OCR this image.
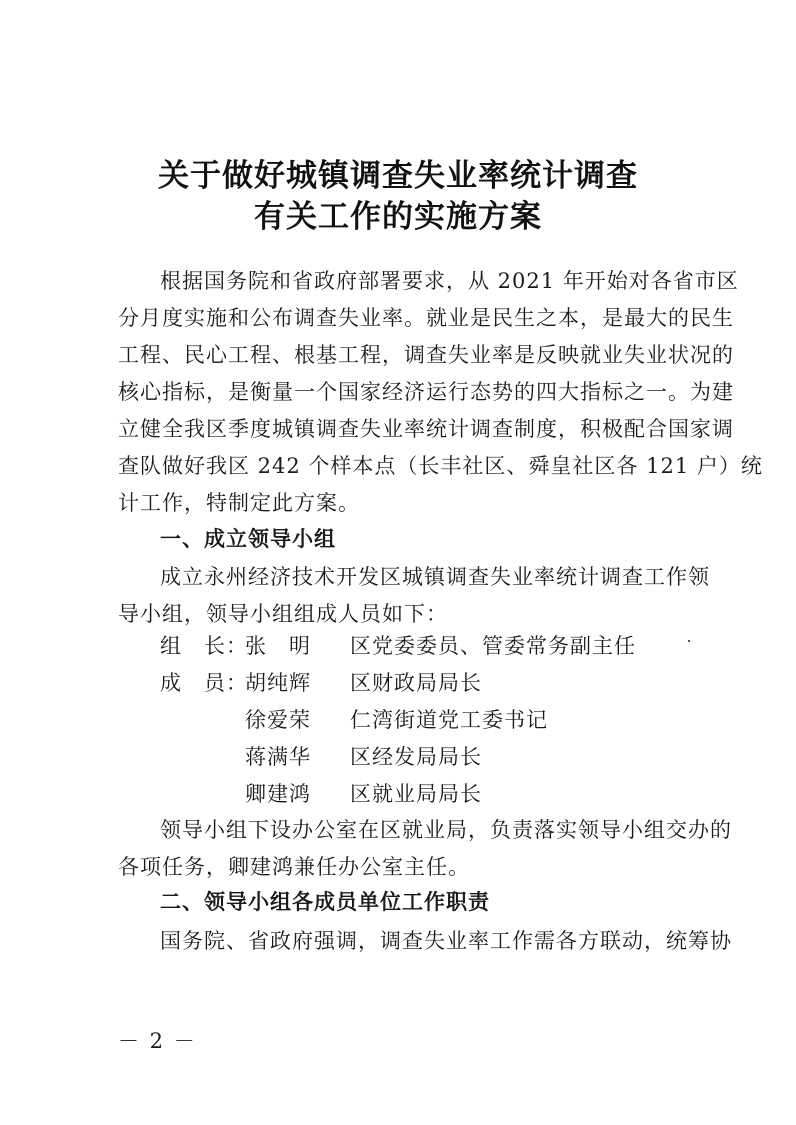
关于做好城镇调查失业率统计调查
有关工作的实施方案
根据国务院和省政府部署要求，从 2021 年开始对各省市区
分月度实施和公布调查失业率。就业是民生之本，是最大的民生
工程、民心工程、根基工程，调查失业率是反映就业失业状况的
核心指标，是衡量一个国家经济运行态势的四大指标之一。为建
立健全我区季度城镇调查失业率统计调查制度，积极配合国家调
查队做好我区 242 个样本点（长丰社区、舜皇社区各 121 户）统
计工作，特制定此方案。
一、成立领导小组
成立永州经济技术开发区城镇调查失业率统计调查工作领
导小组，领导小组组成人员如下：
组　长：
张　明 区党委委员、管委常务副主任
成　员：
胡纯辉 区财政局局长
徐爱荣 仁湾街道党工委书记
蒋满华 区经发局局长
卿建鸿 区就业局局长
领导小组下设办公室在区就业局，负责落实领导小组交办的
各项任务，卿建鸿兼任办公室主任。
二、领导小组各成员单位工作职责
国务院、省政府强调，调查失业率工作需各方联动，统筹协
－ 2 －
